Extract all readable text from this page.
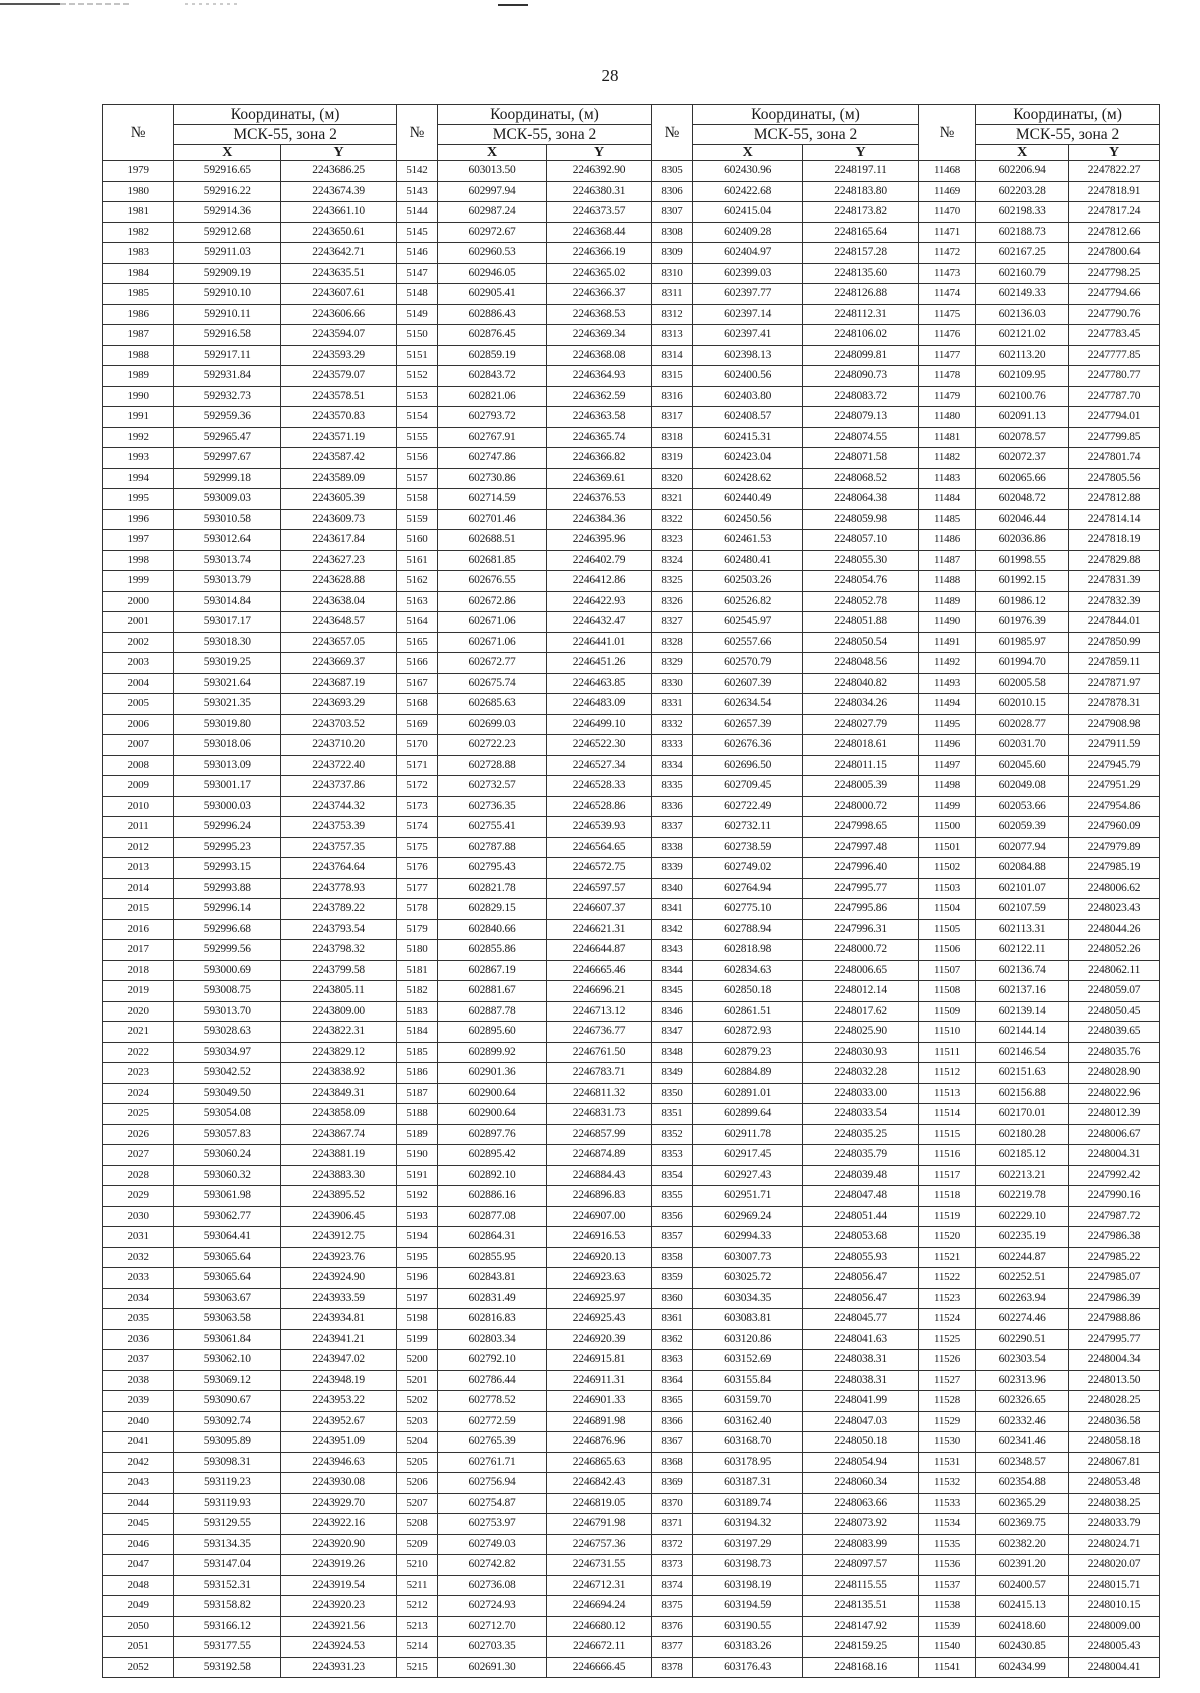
28
№	Координаты, (м)		№	Координаты, (м)		№	Координаты, (м)		№	Координаты, (м)	
	МСК-55, зона 2			МСК-55, зона 2			МСК-55, зона 2			МСК-55, зона 2	
	X	Y		X	Y		X	Y		X	Y
1979	592916.65	2243686.25	5142	603013.50	2246392.90	8305	602430.96	2248197.11	11468	602206.94	2247822.27
1980	592916.22	2243674.39	5143	602997.94	2246380.31	8306	602422.68	2248183.80	11469	602203.28	2247818.91
1981	592914.36	2243661.10	5144	602987.24	2246373.57	8307	602415.04	2248173.82	11470	602198.33	2247817.24
1982	592912.68	2243650.61	5145	602972.67	2246368.44	8308	602409.28	2248165.64	11471	602188.73	2247812.66
1983	592911.03	2243642.71	5146	602960.53	2246366.19	8309	602404.97	2248157.28	11472	602167.25	2247800.64
1984	592909.19	2243635.51	5147	602946.05	2246365.02	8310	602399.03	2248135.60	11473	602160.79	2247798.25
1985	592910.10	2243607.61	5148	602905.41	2246366.37	8311	602397.77	2248126.88	11474	602149.33	2247794.66
1986	592910.11	2243606.66	5149	602886.43	2246368.53	8312	602397.14	2248112.31	11475	602136.03	2247790.76
1987	592916.58	2243594.07	5150	602876.45	2246369.34	8313	602397.41	2248106.02	11476	602121.02	2247783.45
1988	592917.11	2243593.29	5151	602859.19	2246368.08	8314	602398.13	2248099.81	11477	602113.20	2247777.85
1989	592931.84	2243579.07	5152	602843.72	2246364.93	8315	602400.56	2248090.73	11478	602109.95	2247780.77
1990	592932.73	2243578.51	5153	602821.06	2246362.59	8316	602403.80	2248083.72	11479	602100.76	2247787.70
1991	592959.36	2243570.83	5154	602793.72	2246363.58	8317	602408.57	2248079.13	11480	602091.13	2247794.01
1992	592965.47	2243571.19	5155	602767.91	2246365.74	8318	602415.31	2248074.55	11481	602078.57	2247799.85
1993	592997.67	2243587.42	5156	602747.86	2246366.82	8319	602423.04	2248071.58	11482	602072.37	2247801.74
1994	592999.18	2243589.09	5157	602730.86	2246369.61	8320	602428.62	2248068.52	11483	602065.66	2247805.56
1995	593009.03	2243605.39	5158	602714.59	2246376.53	8321	602440.49	2248064.38	11484	602048.72	2247812.88
1996	593010.58	2243609.73	5159	602701.46	2246384.36	8322	602450.56	2248059.98	11485	602046.44	2247814.14
1997	593012.64	2243617.84	5160	602688.51	2246395.96	8323	602461.53	2248057.10	11486	602036.86	2247818.19
1998	593013.74	2243627.23	5161	602681.85	2246402.79	8324	602480.41	2248055.30	11487	601998.55	2247829.88
1999	593013.79	2243628.88	5162	602676.55	2246412.86	8325	602503.26	2248054.76	11488	601992.15	2247831.39
2000	593014.84	2243638.04	5163	602672.86	2246422.93	8326	602526.82	2248052.78	11489	601986.12	2247832.39
2001	593017.17	2243648.57	5164	602671.06	2246432.47	8327	602545.97	2248051.88	11490	601976.39	2247844.01
2002	593018.30	2243657.05	5165	602671.06	2246441.01	8328	602557.66	2248050.54	11491	601985.97	2247850.99
2003	593019.25	2243669.37	5166	602672.77	2246451.26	8329	602570.79	2248048.56	11492	601994.70	2247859.11
2004	593021.64	2243687.19	5167	602675.74	2246463.85	8330	602607.39	2248040.82	11493	602005.58	2247871.97
2005	593021.35	2243693.29	5168	602685.63	2246483.09	8331	602634.54	2248034.26	11494	602010.15	2247878.31
2006	593019.80	2243703.52	5169	602699.03	2246499.10	8332	602657.39	2248027.79	11495	602028.77	2247908.98
2007	593018.06	2243710.20	5170	602722.23	2246522.30	8333	602676.36	2248018.61	11496	602031.70	2247911.59
2008	593013.09	2243722.40	5171	602728.88	2246527.34	8334	602696.50	2248011.15	11497	602045.60	2247945.79
2009	593001.17	2243737.86	5172	602732.57	2246528.33	8335	602709.45	2248005.39	11498	602049.08	2247951.29
2010	593000.03	2243744.32	5173	602736.35	2246528.86	8336	602722.49	2248000.72	11499	602053.66	2247954.86
2011	592996.24	2243753.39	5174	602755.41	2246539.93	8337	602732.11	2247998.65	11500	602059.39	2247960.09
2012	592995.23	2243757.35	5175	602787.88	2246564.65	8338	602738.59	2247997.48	11501	602077.94	2247979.89
2013	592993.15	2243764.64	5176	602795.43	2246572.75	8339	602749.02	2247996.40	11502	602084.88	2247985.19
2014	592993.88	2243778.93	5177	602821.78	2246597.57	8340	602764.94	2247995.77	11503	602101.07	2248006.62
2015	592996.14	2243789.22	5178	602829.15	2246607.37	8341	602775.10	2247995.86	11504	602107.59	2248023.43
2016	592996.68	2243793.54	5179	602840.66	2246621.31	8342	602788.94	2247996.31	11505	602113.31	2248044.26
2017	592999.56	2243798.32	5180	602855.86	2246644.87	8343	602818.98	2248000.72	11506	602122.11	2248052.26
2018	593000.69	2243799.58	5181	602867.19	2246665.46	8344	602834.63	2248006.65	11507	602136.74	2248062.11
2019	593008.75	2243805.11	5182	602881.67	2246696.21	8345	602850.18	2248012.14	11508	602137.16	2248059.07
2020	593013.70	2243809.00	5183	602887.78	2246713.12	8346	602861.51	2248017.62	11509	602139.14	2248050.45
2021	593028.63	2243822.31	5184	602895.60	2246736.77	8347	602872.93	2248025.90	11510	602144.14	2248039.65
2022	593034.97	2243829.12	5185	602899.92	2246761.50	8348	602879.23	2248030.93	11511	602146.54	2248035.76
2023	593042.52	2243838.92	5186	602901.36	2246783.71	8349	602884.89	2248032.28	11512	602151.63	2248028.90
2024	593049.50	2243849.31	5187	602900.64	2246811.32	8350	602891.01	2248033.00	11513	602156.88	2248022.96
2025	593054.08	2243858.09	5188	602900.64	2246831.73	8351	602899.64	2248033.54	11514	602170.01	2248012.39
2026	593057.83	2243867.74	5189	602897.76	2246857.99	8352	602911.78	2248035.25	11515	602180.28	2248006.67
2027	593060.24	2243881.19	5190	602895.42	2246874.89	8353	602917.45	2248035.79	11516	602185.12	2248004.31
2028	593060.32	2243883.30	5191	602892.10	2246884.43	8354	602927.43	2248039.48	11517	602213.21	2247992.42
2029	593061.98	2243895.52	5192	602886.16	2246896.83	8355	602951.71	2248047.48	11518	602219.78	2247990.16
2030	593062.77	2243906.45	5193	602877.08	2246907.00	8356	602969.24	2248051.44	11519	602229.10	2247987.72
2031	593064.41	2243912.75	5194	602864.31	2246916.53	8357	602994.33	2248053.68	11520	602235.19	2247986.38
2032	593065.64	2243923.76	5195	602855.95	2246920.13	8358	603007.73	2248055.93	11521	602244.87	2247985.22
2033	593065.64	2243924.90	5196	602843.81	2246923.63	8359	603025.72	2248056.47	11522	602252.51	2247985.07
2034	593063.67	2243933.59	5197	602831.49	2246925.97	8360	603034.35	2248056.47	11523	602263.94	2247986.39
2035	593063.58	2243934.81	5198	602816.83	2246925.43	8361	603083.81	2248045.77	11524	602274.46	2247988.86
2036	593061.84	2243941.21	5199	602803.34	2246920.39	8362	603120.86	2248041.63	11525	602290.51	2247995.77
2037	593062.10	2243947.02	5200	602792.10	2246915.81	8363	603152.69	2248038.31	11526	602303.54	2248004.34
2038	593069.12	2243948.19	5201	602786.44	2246911.31	8364	603155.84	2248038.31	11527	602313.96	2248013.50
2039	593090.67	2243953.22	5202	602778.52	2246901.33	8365	603159.70	2248041.99	11528	602326.65	2248028.25
2040	593092.74	2243952.67	5203	602772.59	2246891.98	8366	603162.40	2248047.03	11529	602332.46	2248036.58
2041	593095.89	2243951.09	5204	602765.39	2246876.96	8367	603168.70	2248050.18	11530	602341.46	2248058.18
2042	593098.31	2243946.63	5205	602761.71	2246865.63	8368	603178.95	2248054.94	11531	602348.57	2248067.81
2043	593119.23	2243930.08	5206	602756.94	2246842.43	8369	603187.31	2248060.34	11532	602354.88	2248053.48
2044	593119.93	2243929.70	5207	602754.87	2246819.05	8370	603189.74	2248063.66	11533	602365.29	2248038.25
2045	593129.55	2243922.16	5208	602753.97	2246791.98	8371	603194.32	2248073.92	11534	602369.75	2248033.79
2046	593134.35	2243920.90	5209	602749.03	2246757.36	8372	603197.29	2248083.99	11535	602382.20	2248024.71
2047	593147.04	2243919.26	5210	602742.82	2246731.55	8373	603198.73	2248097.57	11536	602391.20	2248020.07
2048	593152.31	2243919.54	5211	602736.08	2246712.31	8374	603198.19	2248115.55	11537	602400.57	2248015.71
2049	593158.82	2243920.23	5212	602724.93	2246694.24	8375	603194.59	2248135.51	11538	602415.13	2248010.15
2050	593166.12	2243921.56	5213	602712.70	2246680.12	8376	603190.55	2248147.92	11539	602418.60	2248009.00
2051	593177.55	2243924.53	5214	602703.35	2246672.11	8377	603183.26	2248159.25	11540	602430.85	2248005.43
2052	593192.58	2243931.23	5215	602691.30	2246666.45	8378	603176.43	2248168.16	11541	602434.99	2248004.41
